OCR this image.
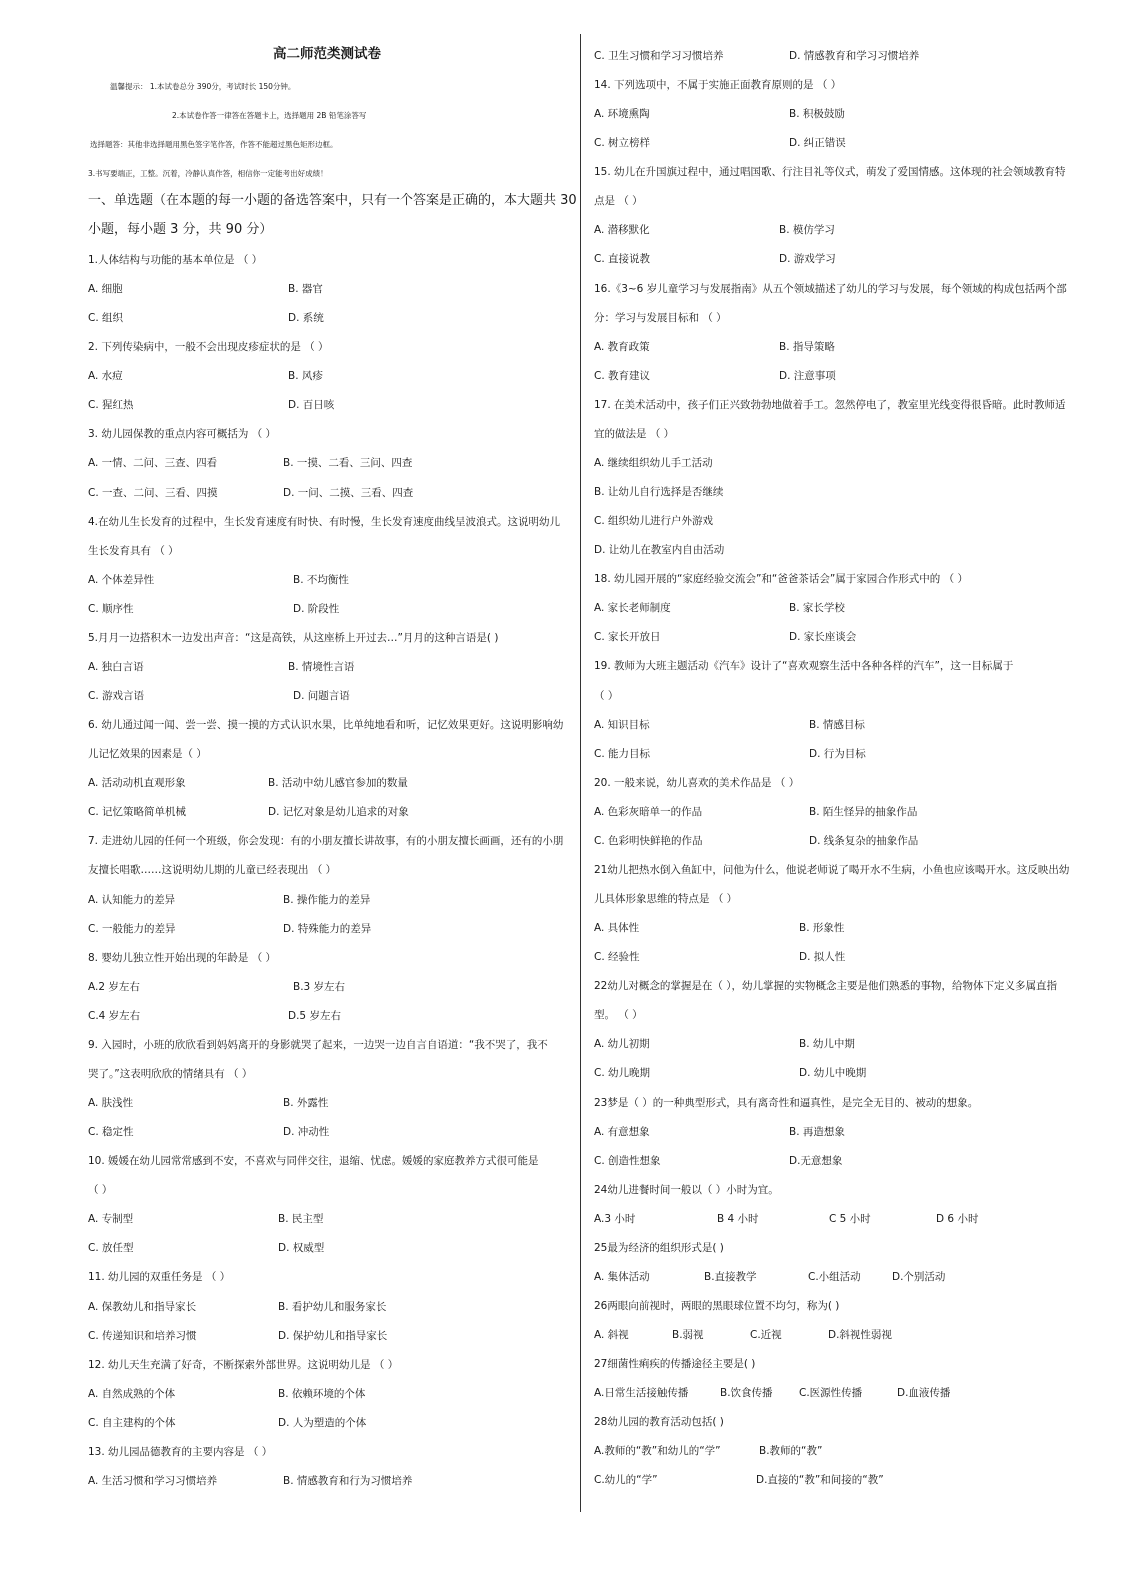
高二师范类测试卷
温馨提示： 1.本试卷总分 390分，考试时长 150分钟。
2.本试卷作答一律答在答题卡上，选择题用 2B 铅笔涂答写
选择题答：其他非选择题用黑色签字笔作答，作答不能超过黑色矩形边框。
3.书写要端正，工整。沉着，冷静认真作答，相信你一定能考出好成绩！
一、单选题（在本题的每一小题的备选答案中，只有一个答案是正确的，本大题共 30
小题，每小题 3 分，共 90 分）
1.人体结构与功能的基本单位是 （ ）
A. 细胞	B. 器官
C. 组织	D. 系统
2. 下列传染病中，一般不会出现皮疹症状的是 （ ）
A. 水痘	B. 风疹
C. 猩红热	D. 百日咳
3. 幼儿园保教的重点内容可概括为 （ ）
A. 一情、二问、三查、四看	B. 一摸、二看、三问、四查
C. 一查、二问、三看、四摸	D. 一问、二摸、三看、四查
4.在幼儿生长发育的过程中，生长发育速度有时快、有时慢，生长发育速度曲线呈波浪式。这说明幼儿
生长发育具有 （ ）
A. 个体差异性	B. 不均衡性
C. 顺序性	D. 阶段性
5.月月一边搭积木一边发出声音：“这是高铁，从这座桥上开过去…”月月的这种言语是( )
A. 独白言语	B. 情境性言语
C. 游戏言语	D. 问题言语
6. 幼儿通过闻一闻、尝一尝、摸一摸的方式认识水果，比单纯地看和听，记忆效果更好。这说明影响幼
儿记忆效果的因素是（ ）
A. 活动动机直观形象	B. 活动中幼儿感官参加的数量
C. 记忆策略简单机械	D. 记忆对象是幼儿追求的对象
7. 走进幼儿园的任何一个班级，你会发现：有的小朋友擅长讲故事，有的小朋友擅长画画，还有的小朋
友擅长唱歌……这说明幼儿期的儿童已经表现出 （ ）
A. 认知能力的差异	B. 操作能力的差异
C. 一般能力的差异	D. 特殊能力的差异
8. 婴幼儿独立性开始出现的年龄是 （ ）
A.2 岁左右	B.3 岁左右
C.4 岁左右	D.5 岁左右
9. 入园时，小班的欣欣看到妈妈离开的身影就哭了起来，一边哭一边自言自语道：“我不哭了，我不
哭了。”这表明欣欣的情绪具有 （ ）
A. 肤浅性	B. 外露性
C. 稳定性	D. 冲动性
10. 媛媛在幼儿园常常感到不安，不喜欢与同伴交往，退缩、忧虑。媛媛的家庭教养方式很可能是
（ ）
A. 专制型	B. 民主型
C. 放任型	D. 权威型
11. 幼儿园的双重任务是 （ ）
A. 保教幼儿和指导家长	B. 看护幼儿和服务家长
C. 传递知识和培养习惯	D. 保护幼儿和指导家长
12. 幼儿天生充满了好奇，不断探索外部世界。这说明幼儿是 （ ）
A. 自然成熟的个体	B. 依赖环境的个体
C. 自主建构的个体	D. 人为塑造的个体
13. 幼儿园品德教育的主要内容是 （ ）
A. 生活习惯和学习习惯培养	B. 情感教育和行为习惯培养
C. 卫生习惯和学习习惯培养	D. 情感教育和学习习惯培养
14. 下列选项中，不属于实施正面教育原则的是 （ ）
A. 环境熏陶	B. 积极鼓励
C. 树立榜样	D. 纠正错误
15. 幼儿在升国旗过程中，通过唱国歌、行注目礼等仪式，萌发了爱国情感。这体现的社会领域教育特
点是 （ ）
A. 潜移默化	B. 模仿学习
C. 直接说教	D. 游戏学习
16.《3~6 岁儿童学习与发展指南》从五个领域描述了幼儿的学习与发展，每个领域的构成包括两个部
分：学习与发展目标和 （ ）
A. 教育政策	B. 指导策略
C. 教育建议	D. 注意事项
17. 在美术活动中，孩子们正兴致勃勃地做着手工。忽然停电了，教室里光线变得很昏暗。此时教师适
宜的做法是 （ ）
A. 继续组织幼儿手工活动
B. 让幼儿自行选择是否继续
C. 组织幼儿进行户外游戏
D. 让幼儿在教室内自由活动
18. 幼儿园开展的“家庭经验交流会”和“爸爸茶话会”属于家园合作形式中的 （ ）
A. 家长老师制度	B. 家长学校
C. 家长开放日	D. 家长座谈会
19. 教师为大班主题活动《汽车》设计了“喜欢观察生活中各种各样的汽车”，这一目标属于
（ ）
A. 知识目标	B. 情感目标
C. 能力目标	D. 行为目标
20. 一般来说，幼儿喜欢的美术作品是 （ ）
A. 色彩灰暗单一的作品	B. 陌生怪异的抽象作品
C. 色彩明快鲜艳的作品	D. 线条复杂的抽象作品
21幼儿把热水倒入鱼缸中，问他为什么，他说老师说了喝开水不生病，小鱼也应该喝开水。这反映出幼
儿具体形象思维的特点是 （ ）
A. 具体性	B. 形象性
C. 经验性	D. 拟人性
22幼儿对概念的掌握是在（ ），幼儿掌握的实物概念主要是他们熟悉的事物，给物体下定义多属直指
型。 （ ）
A. 幼儿初期	B. 幼儿中期
C. 幼儿晚期	D. 幼儿中晚期
23梦是（ ）的一种典型形式，具有离奇性和逼真性，是完全无目的、被动的想象。
A. 有意想象	B. 再造想象
C. 创造性想象	D.无意想象
24幼儿进餐时间一般以（ ）小时为宜。
A.3 小时	B 4 小时	C 5 小时	D 6 小时
25最为经济的组织形式是( )
A. 集体活动	B.直接教学	C.小组活动	D.个别活动
26两眼向前视时，两眼的黑眼球位置不均匀，称为( )
A. 斜视	B.弱视	C.近视	D.斜视性弱视
27细菌性痢疾的传播途径主要是( )
A.日常生活接触传播	B.饮食传播	C.医源性传播	D.血液传播
28幼儿园的教育活动包括( )
A.教师的“教”和幼儿的“学”	B.教师的“教”
C.幼儿的“学”	D.直接的“教”和间接的“教”
